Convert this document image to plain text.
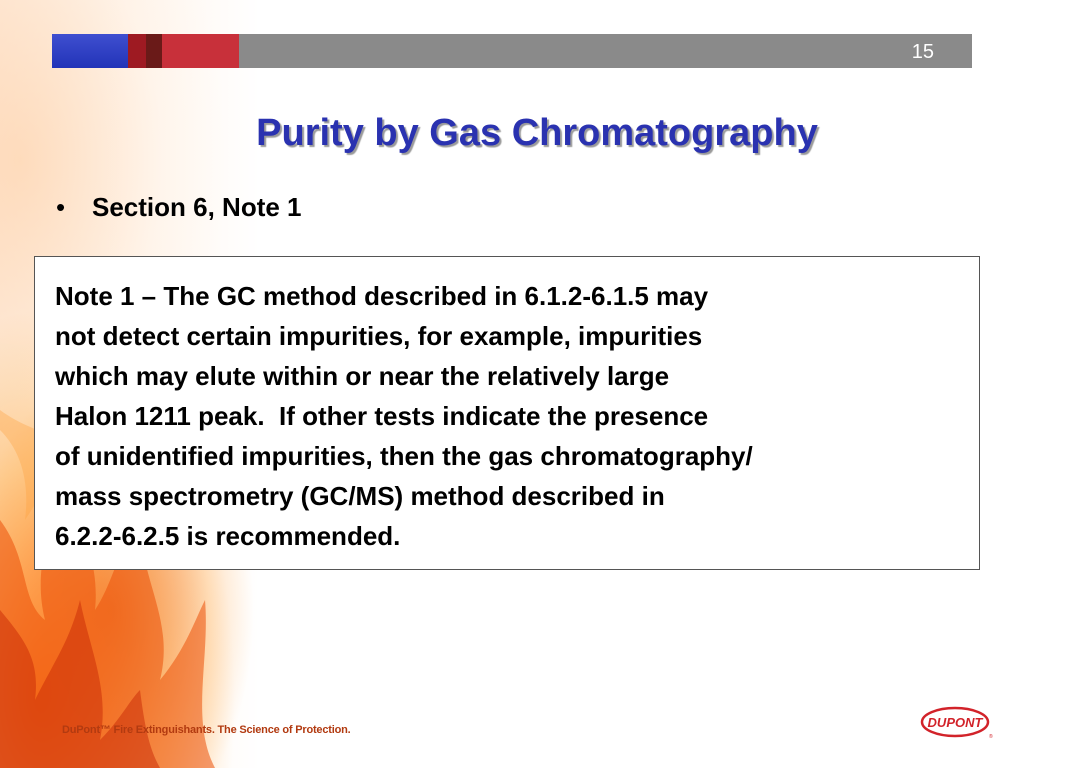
15
Purity by Gas Chromatography
• Section 6, Note 1
Note 1 – The GC method described in 6.1.2-6.1.5 may
not detect certain impurities, for example, impurities
which may elute within or near the relatively large
Halon 1211 peak.  If other tests indicate the presence
of unidentified impurities, then the gas chromatography/
mass spectrometry (GC/MS) method described in
6.2.2-6.2.5 is recommended.
DuPont™ Fire Extinguishants. The Science of Protection.	DUPONT
®
